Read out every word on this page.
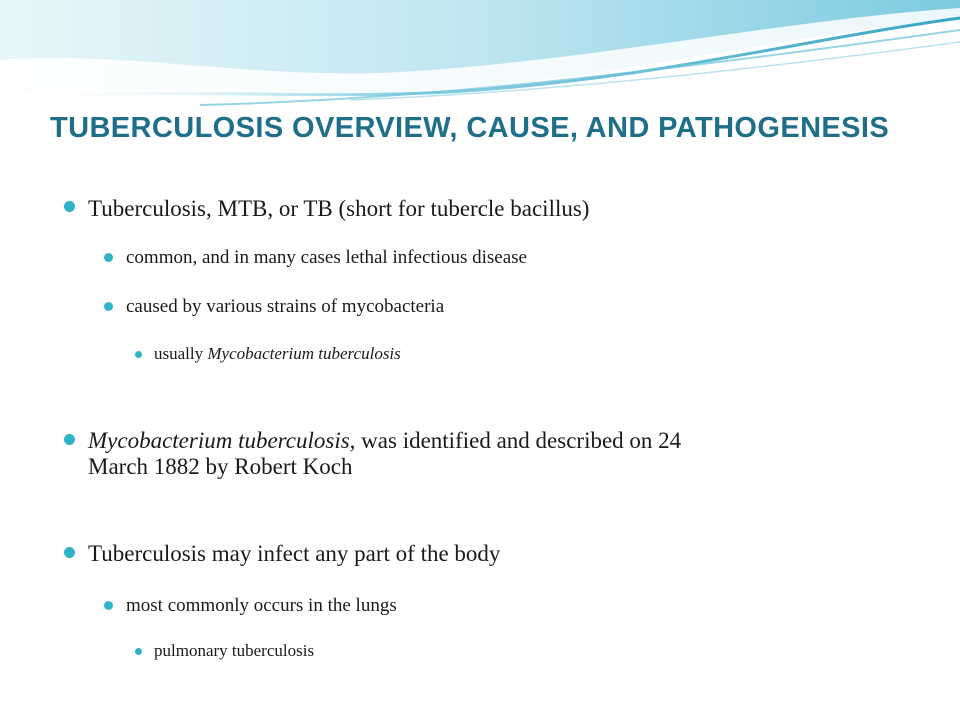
TUBERCULOSIS OVERVIEW, CAUSE, AND PATHOGENESIS
Tuberculosis, MTB, or TB (short for tubercle bacillus)
common, and in many cases lethal infectious disease
caused by various strains of mycobacteria
usually Mycobacterium tuberculosis
Mycobacterium tuberculosis, was identified and described on 24
March 1882 by Robert Koch
Tuberculosis may infect any part of the body
most commonly occurs in the lungs
pulmonary tuberculosis
